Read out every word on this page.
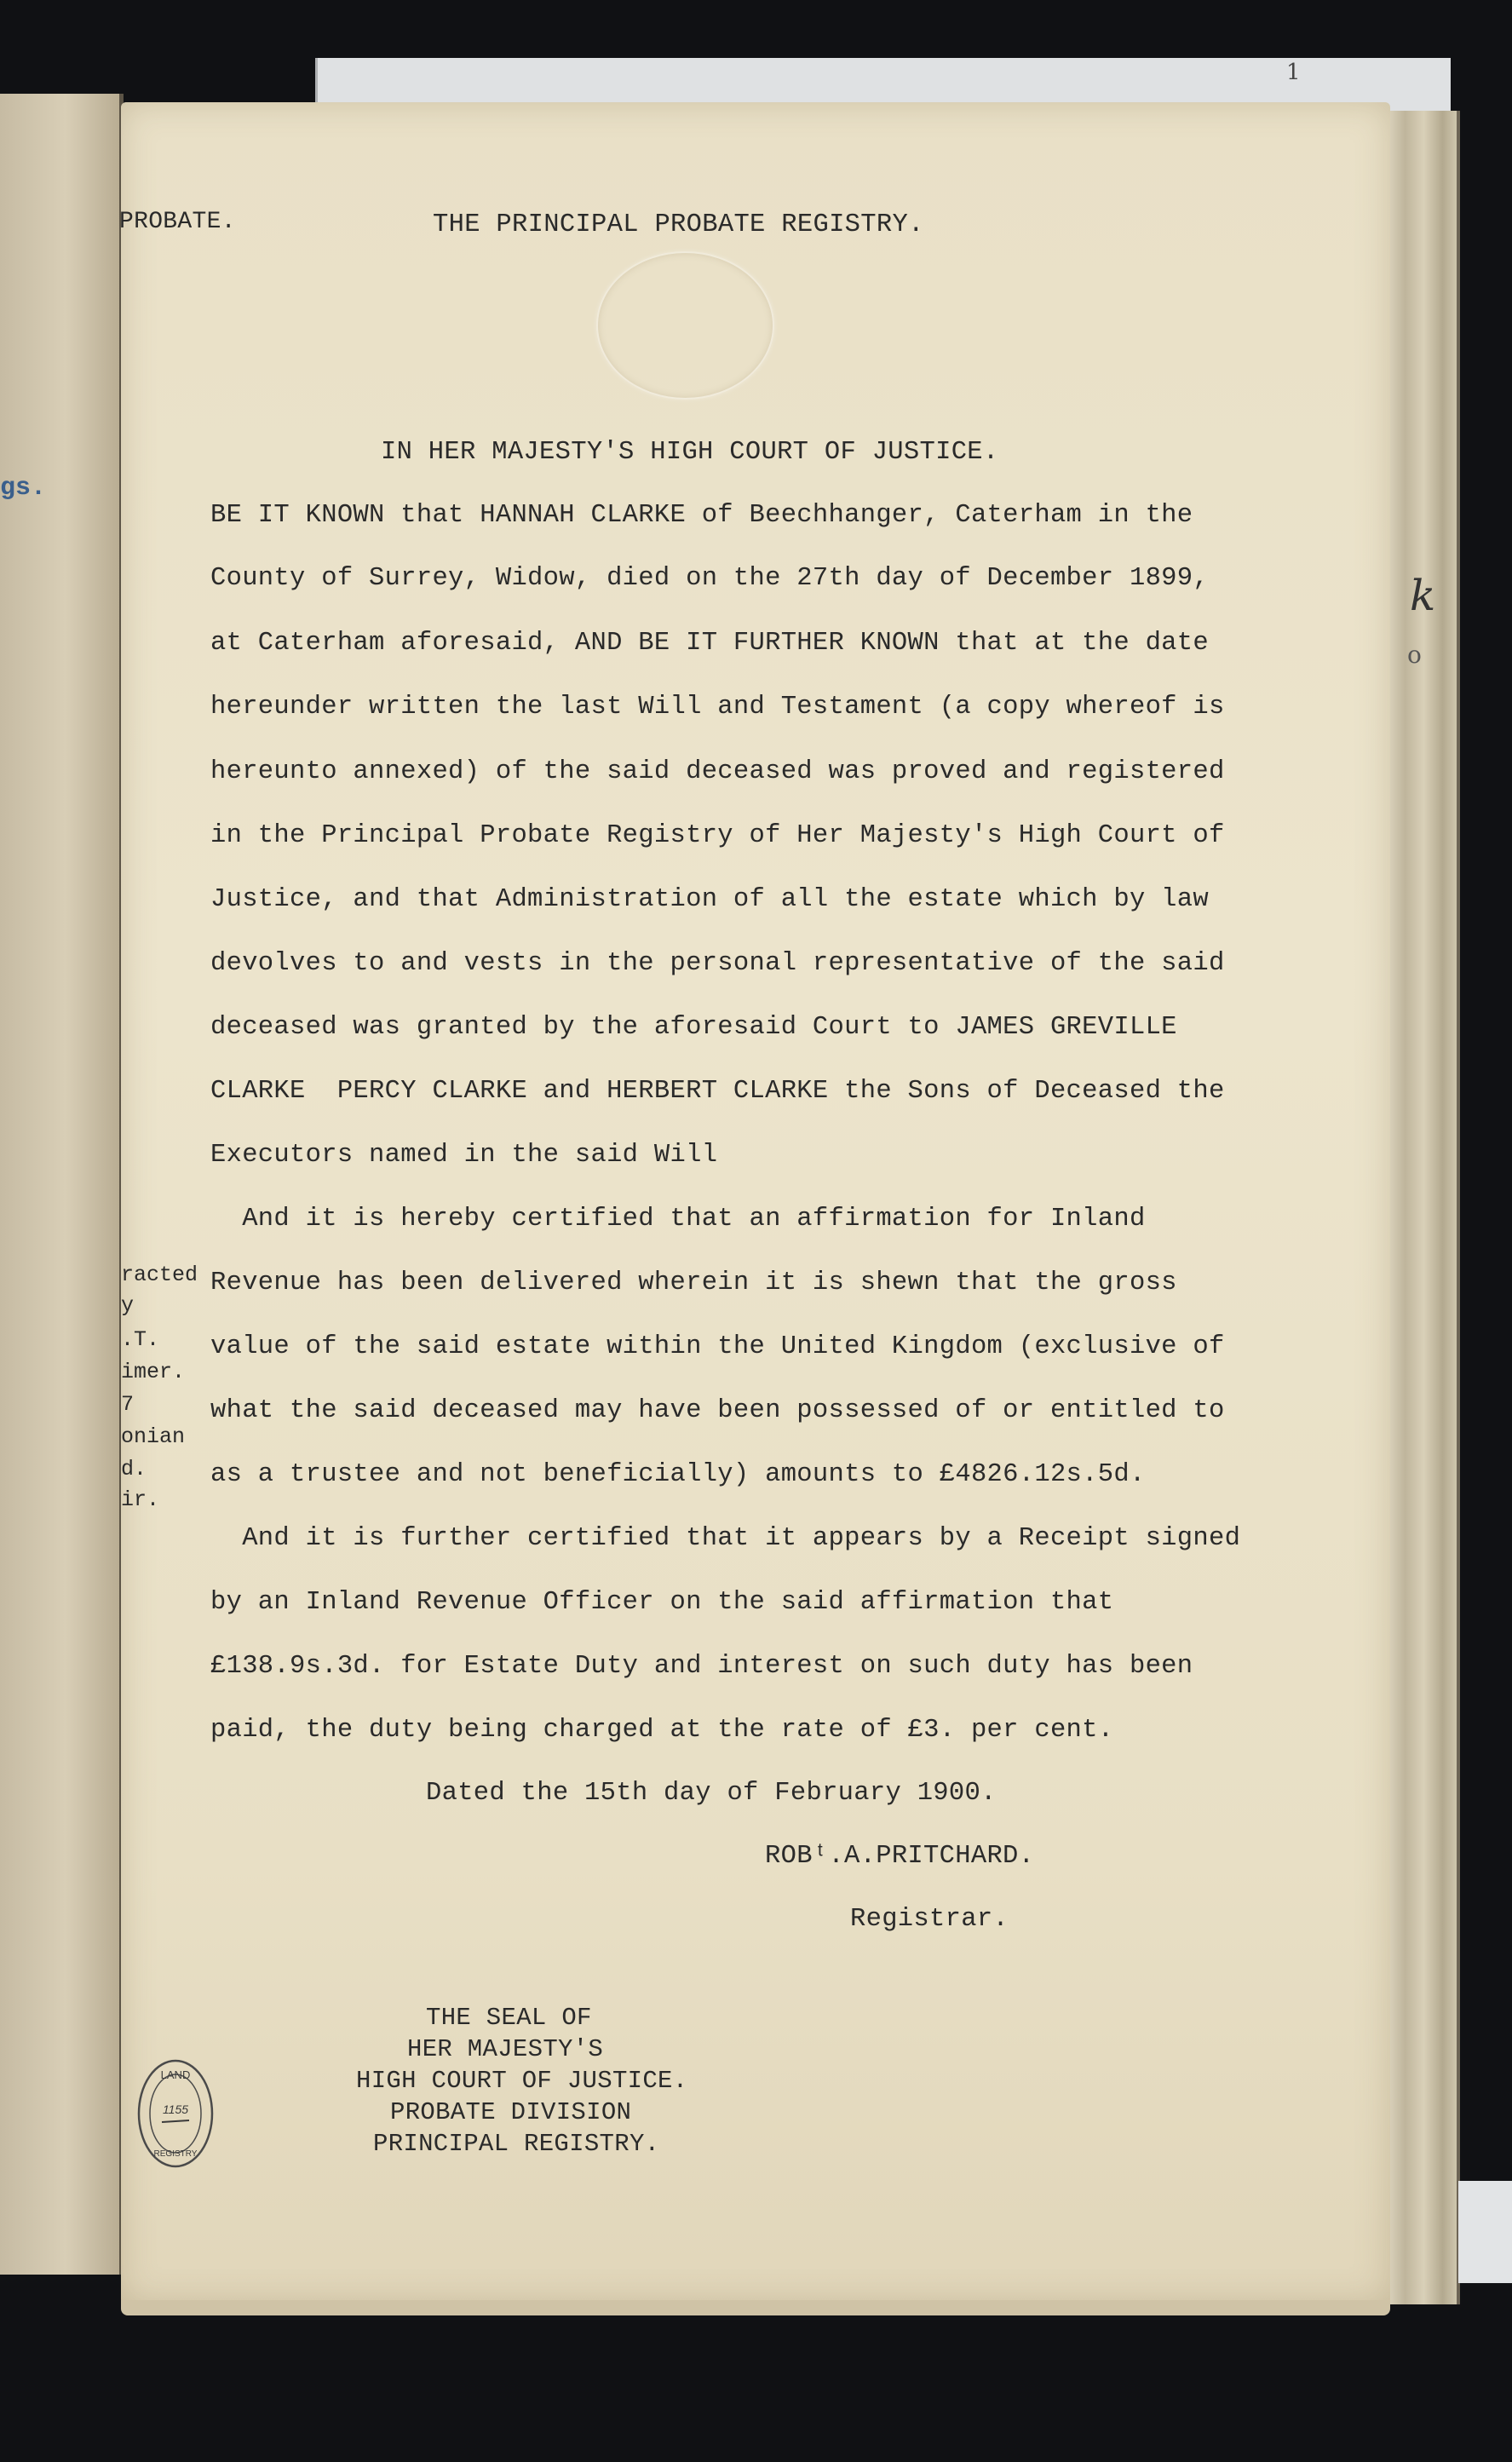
gs.
1
k
o
PROBATE.	THE PRINCIPAL PROBATE REGISTRY.
IN HER MAJESTY'S HIGH COURT OF JUSTICE.
BE IT KNOWN that HANNAH CLARKE of Beechhanger, Caterham in the
County of Surrey, Widow, died on the 27th day of December 1899,
at Caterham aforesaid, AND BE IT FURTHER KNOWN that at the date
hereunder written the last Will and Testament (a copy whereof is
hereunto annexed) of the said deceased was proved and registered
in the Principal Probate Registry of Her Majesty's High Court of
Justice, and that Administration of all the estate which by law
devolves to and vests in the personal representative of the said
deceased was granted by the aforesaid Court to JAMES GREVILLE
CLARKE  PERCY CLARKE and HERBERT CLARKE the Sons of Deceased the
Executors named in the said Will
And it is hereby certified that an affirmation for Inland
Revenue has been delivered wherein it is shewn that the gross
value of the said estate within the United Kingdom (exclusive of
what the said deceased may have been possessed of or entitled to
as a trustee and not beneficially) amounts to £4826.12s.5d.
And it is further certified that it appears by a Receipt signed
by an Inland Revenue Officer on the said affirmation that
£138.9s.3d. for Estate Duty and interest on such duty has been
paid, the duty being charged at the rate of £3. per cent.
Dated the 15th day of February 1900.
ROBᵗ.A.PRITCHARD.
Registrar.
THE SEAL OF
HER MAJESTY'S
HIGH COURT OF JUSTICE.
PROBATE DIVISION
PRINCIPAL REGISTRY.
racted
y
.T.
imer.
7
onian
d.
ir.
LAND
1155
REGISTRY
